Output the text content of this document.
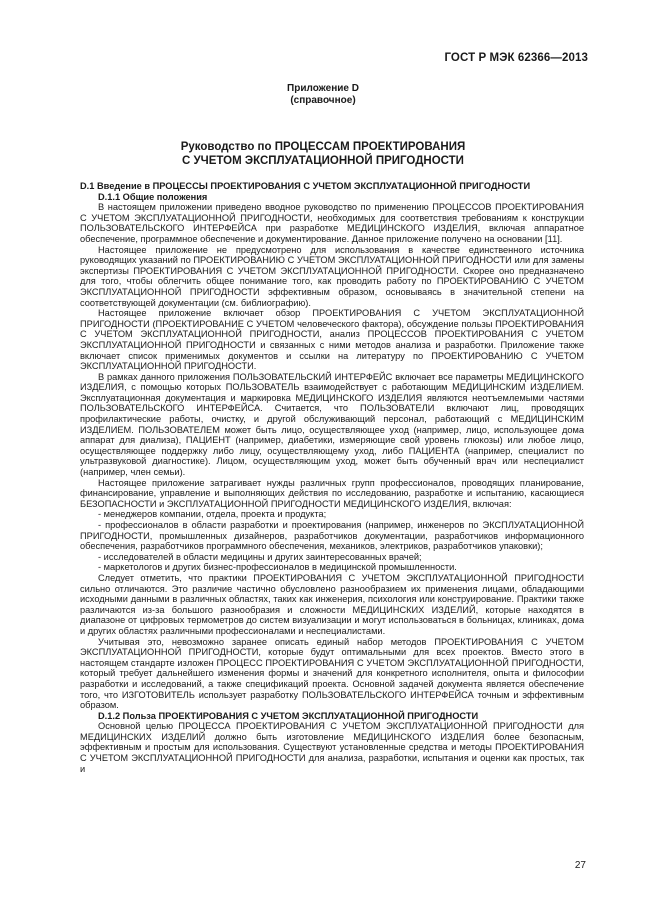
ГОСТ Р МЭК 62366—2013
Приложение D
(справочное)
Руководство по ПРОЦЕССАМ ПРОЕКТИРОВАНИЯ
С УЧЕТОМ ЭКСПЛУАТАЦИОННОЙ ПРИГОДНОСТИ

D.1 Введение в ПРОЦЕССЫ ПРОЕКТИРОВАНИЯ С УЧЕТОМ ЭКСПЛУАТАЦИОННОЙ ПРИГОДНОСТИ

D.1.1 Общие положения

В настоящем приложении приведено вводное руководство по применению ПРОЦЕССОВ ПРОЕКТИРОВАНИЯ С УЧЕТОМ ЭКСПЛУАТАЦИОННОЙ ПРИГОДНОСТИ, необходимых для соответствия требованиям к конструкции ПОЛЬЗОВАТЕЛЬСКОГО ИНТЕРФЕЙСА при разработке МЕДИЦИНСКОГО ИЗДЕЛИЯ, включая аппаратное обеспечение, программное обеспечение и документирование. Данное приложение получено на основании [11].

Настоящее приложение не предусмотрено для использования в качестве единственного источника руководящих указаний по ПРОЕКТИРОВАНИЮ С УЧЕТОМ ЭКСПЛУАТАЦИОННОЙ ПРИГОДНОСТИ или для замены экспертизы ПРОЕКТИРОВАНИЯ С УЧЕТОМ ЭКСПЛУАТАЦИОННОЙ ПРИГОДНОСТИ. Скорее оно предназначено для того, чтобы облегчить общее понимание того, как проводить работу по ПРОЕКТИРОВАНИЮ С УЧЕТОМ ЭКСПЛУАТАЦИОННОЙ ПРИГОДНОСТИ эффективным образом, основываясь в значительной степени на соответствующей документации (см. библиографию).

Настоящее приложение включает обзор ПРОЕКТИРОВАНИЯ С УЧЕТОМ ЭКСПЛУАТАЦИОННОЙ ПРИГОДНОСТИ (ПРОЕКТИРОВАНИЕ С УЧЕТОМ человеческого фактора), обсуждение пользы ПРОЕКТИРОВАНИЯ С УЧЕТОМ ЭКСПЛУАТАЦИОННОЙ ПРИГОДНОСТИ, анализ ПРОЦЕССОВ ПРОЕКТИРОВАНИЯ С УЧЕТОМ ЭКСПЛУАТАЦИОННОЙ ПРИГОДНОСТИ и связанных с ними методов анализа и разработки. Приложение также включает список применимых документов и ссылки на литературу по ПРОЕКТИРОВАНИЮ С УЧЕТОМ ЭКСПЛУАТАЦИОННОЙ ПРИГОДНОСТИ.

В рамках данного приложения ПОЛЬЗОВАТЕЛЬСКИЙ ИНТЕРФЕЙС включает все параметры МЕДИЦИНСКОГО ИЗДЕЛИЯ, с помощью которых ПОЛЬЗОВАТЕЛЬ взаимодействует с работающим МЕДИЦИНСКИМ ИЗДЕЛИЕМ. Эксплуатационная документация и маркировка МЕДИЦИНСКОГО ИЗДЕЛИЯ являются неотъемлемыми частями ПОЛЬЗОВАТЕЛЬСКОГО ИНТЕРФЕЙСА. Считается, что ПОЛЬЗОВАТЕЛИ включают лиц, проводящих профилактические работы, очистку, и другой обслуживающий персонал, работающий с МЕДИЦИНСКИМ ИЗДЕЛИЕМ. ПОЛЬЗОВАТЕЛЕМ может быть лицо, осуществляющее уход (например, лицо, использующее дома аппарат для диализа), ПАЦИЕНТ (например, диабетики, измеряющие свой уровень глюкозы) или любое лицо, осуществляющее поддержку либо лицу, осуществляющему уход, либо ПАЦИЕНТА (например, специалист по ультразвуковой диагностике). Лицом, осуществляющим уход, может быть обученный врач или неспециалист (например, член семьи).

Настоящее приложение затрагивает нужды различных групп профессионалов, проводящих планирование, финансирование, управление и выполняющих действия по исследованию, разработке и испытанию, касающиеся БЕЗОПАСНОСТИ и ЭКСПЛУАТАЦИОННОЙ ПРИГОДНОСТИ МЕДИЦИНСКОГО ИЗДЕЛИЯ, включая:

- менеджеров компании, отдела, проекта и продукта;

- профессионалов в области разработки и проектирования (например, инженеров по ЭКСПЛУАТАЦИОННОЙ ПРИГОДНОСТИ, промышленных дизайнеров, разработчиков документации, разработчиков информационного обеспечения, разработчиков программного обеспечения, механиков, электриков, разработчиков упаковки);

- исследователей в области медицины и других заинтересованных врачей;

- маркетологов и других бизнес-профессионалов в медицинской промышленности.

Следует отметить, что практики ПРОЕКТИРОВАНИЯ С УЧЕТОМ ЭКСПЛУАТАЦИОННОЙ ПРИГОДНОСТИ сильно отличаются. Это различие частично обусловлено разнообразием их применения лицами, обладающими исходными данными в различных областях, таких как инженерия, психология или конструирование. Практики также различаются из-за большого разнообразия и сложности МЕДИЦИНСКИХ ИЗДЕЛИЙ, которые находятся в диапазоне от цифровых термометров до систем визуализации и могут использоваться в больницах, клиниках, дома и других областях различными профессионалами и неспециалистами.

Учитывая это, невозможно заранее описать единый набор методов ПРОЕКТИРОВАНИЯ С УЧЕТОМ ЭКСПЛУАТАЦИОННОЙ ПРИГОДНОСТИ, которые будут оптимальными для всех проектов. Вместо этого в настоящем стандарте изложен ПРОЦЕСС ПРОЕКТИРОВАНИЯ С УЧЕТОМ ЭКСПЛУАТАЦИОННОЙ ПРИГОДНОСТИ, который требует дальнейшего изменения формы и значений для конкретного исполнителя, опыта и философии разработки и исследований, а также спецификаций проекта. Основной задачей документа является обеспечение того, что ИЗГОТОВИТЕЛЬ использует разработку ПОЛЬЗОВАТЕЛЬСКОГО ИНТЕРФЕЙСА точным и эффективным образом.

D.1.2 Польза ПРОЕКТИРОВАНИЯ С УЧЕТОМ ЭКСПЛУАТАЦИОННОЙ ПРИГОДНОСТИ

Основной целью ПРОЦЕССА ПРОЕКТИРОВАНИЯ С УЧЕТОМ ЭКСПЛУАТАЦИОННОЙ ПРИГОДНОСТИ для МЕДИЦИНСКИХ ИЗДЕЛИЙ должно быть изготовление МЕДИЦИНСКОГО ИЗДЕЛИЯ более безопасным, эффективным и простым для использования. Существуют установленные средства и методы ПРОЕКТИРОВАНИЯ С УЧЕТОМ ЭКСПЛУАТАЦИОННОЙ ПРИГОДНОСТИ для анализа, разработки, испытания и оценки как простых, так и

27
